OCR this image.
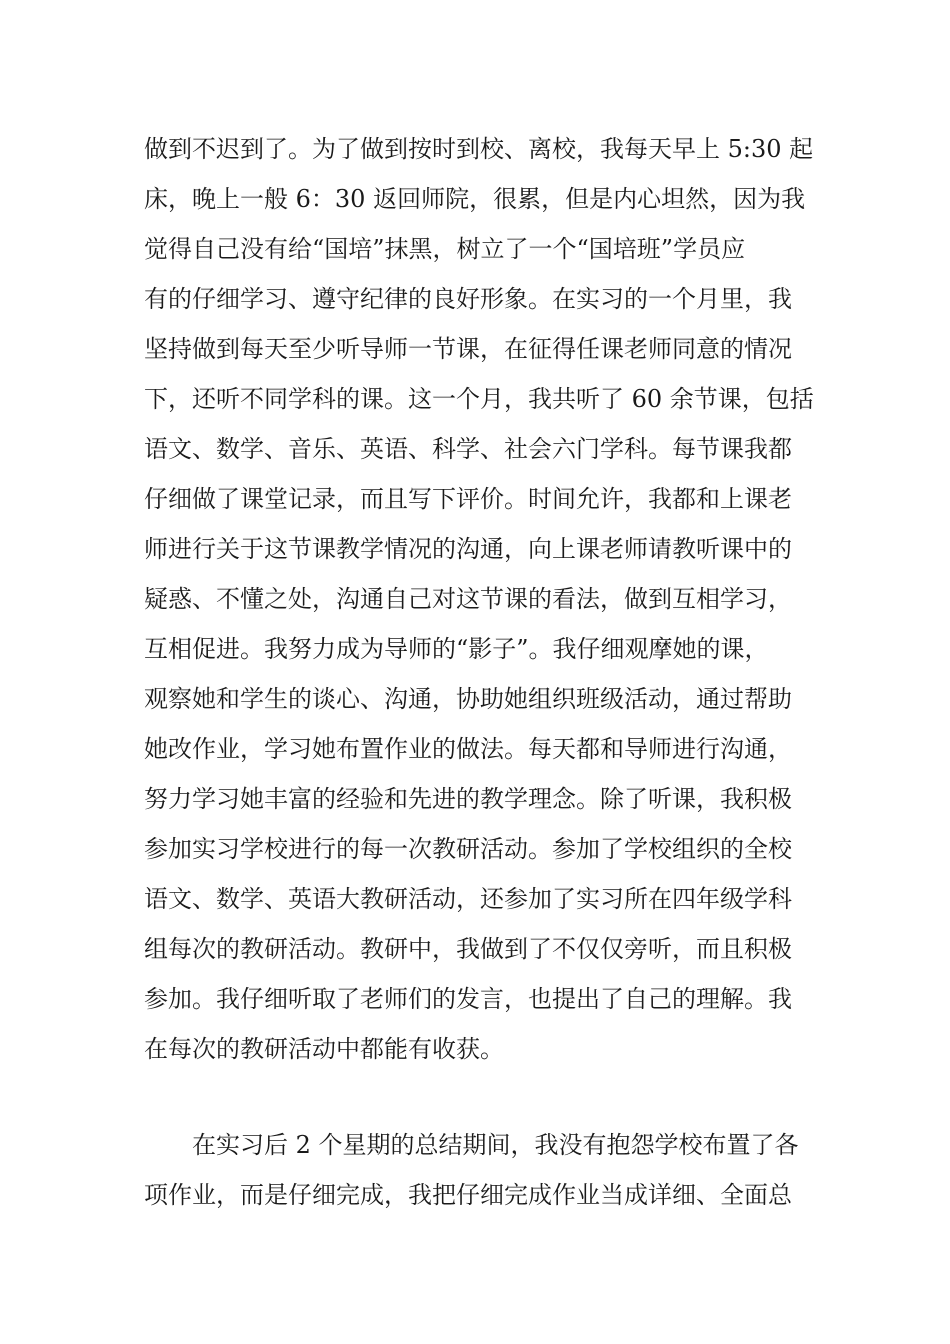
做到不迟到了。为了做到按时到校、离校，我每天早上 5:30 起
床，晚上一般 6：30 返回师院，很累，但是内心坦然，因为我
觉得自己没有给“国培”抹黑，树立了一个“国培班”学员应
有的仔细学习、遵守纪律的良好形象。在实习的一个月里，我
坚持做到每天至少听导师一节课，在征得任课老师同意的情况
下，还听不同学科的课。这一个月，我共听了 60 余节课，包括
语文、数学、音乐、英语、科学、社会六门学科。每节课我都
仔细做了课堂记录，而且写下评价。时间允许，我都和上课老
师进行关于这节课教学情况的沟通，向上课老师请教听课中的
疑惑、不懂之处，沟通自己对这节课的看法，做到互相学习，
互相促进。我努力成为导师的“影子”。我仔细观摩她的课，
观察她和学生的谈心、沟通，协助她组织班级活动，通过帮助
她改作业，学习她布置作业的做法。每天都和导师进行沟通，
努力学习她丰富的经验和先进的教学理念。除了听课，我积极
参加实习学校进行的每一次教研活动。参加了学校组织的全校
语文、数学、英语大教研活动，还参加了实习所在四年级学科
组每次的教研活动。教研中，我做到了不仅仅旁听，而且积极
参加。我仔细听取了老师们的发言，也提出了自己的理解。我
在每次的教研活动中都能有收获。
在实习后 2 个星期的总结期间，我没有抱怨学校布置了各
项作业，而是仔细完成，我把仔细完成作业当成详细、全面总
